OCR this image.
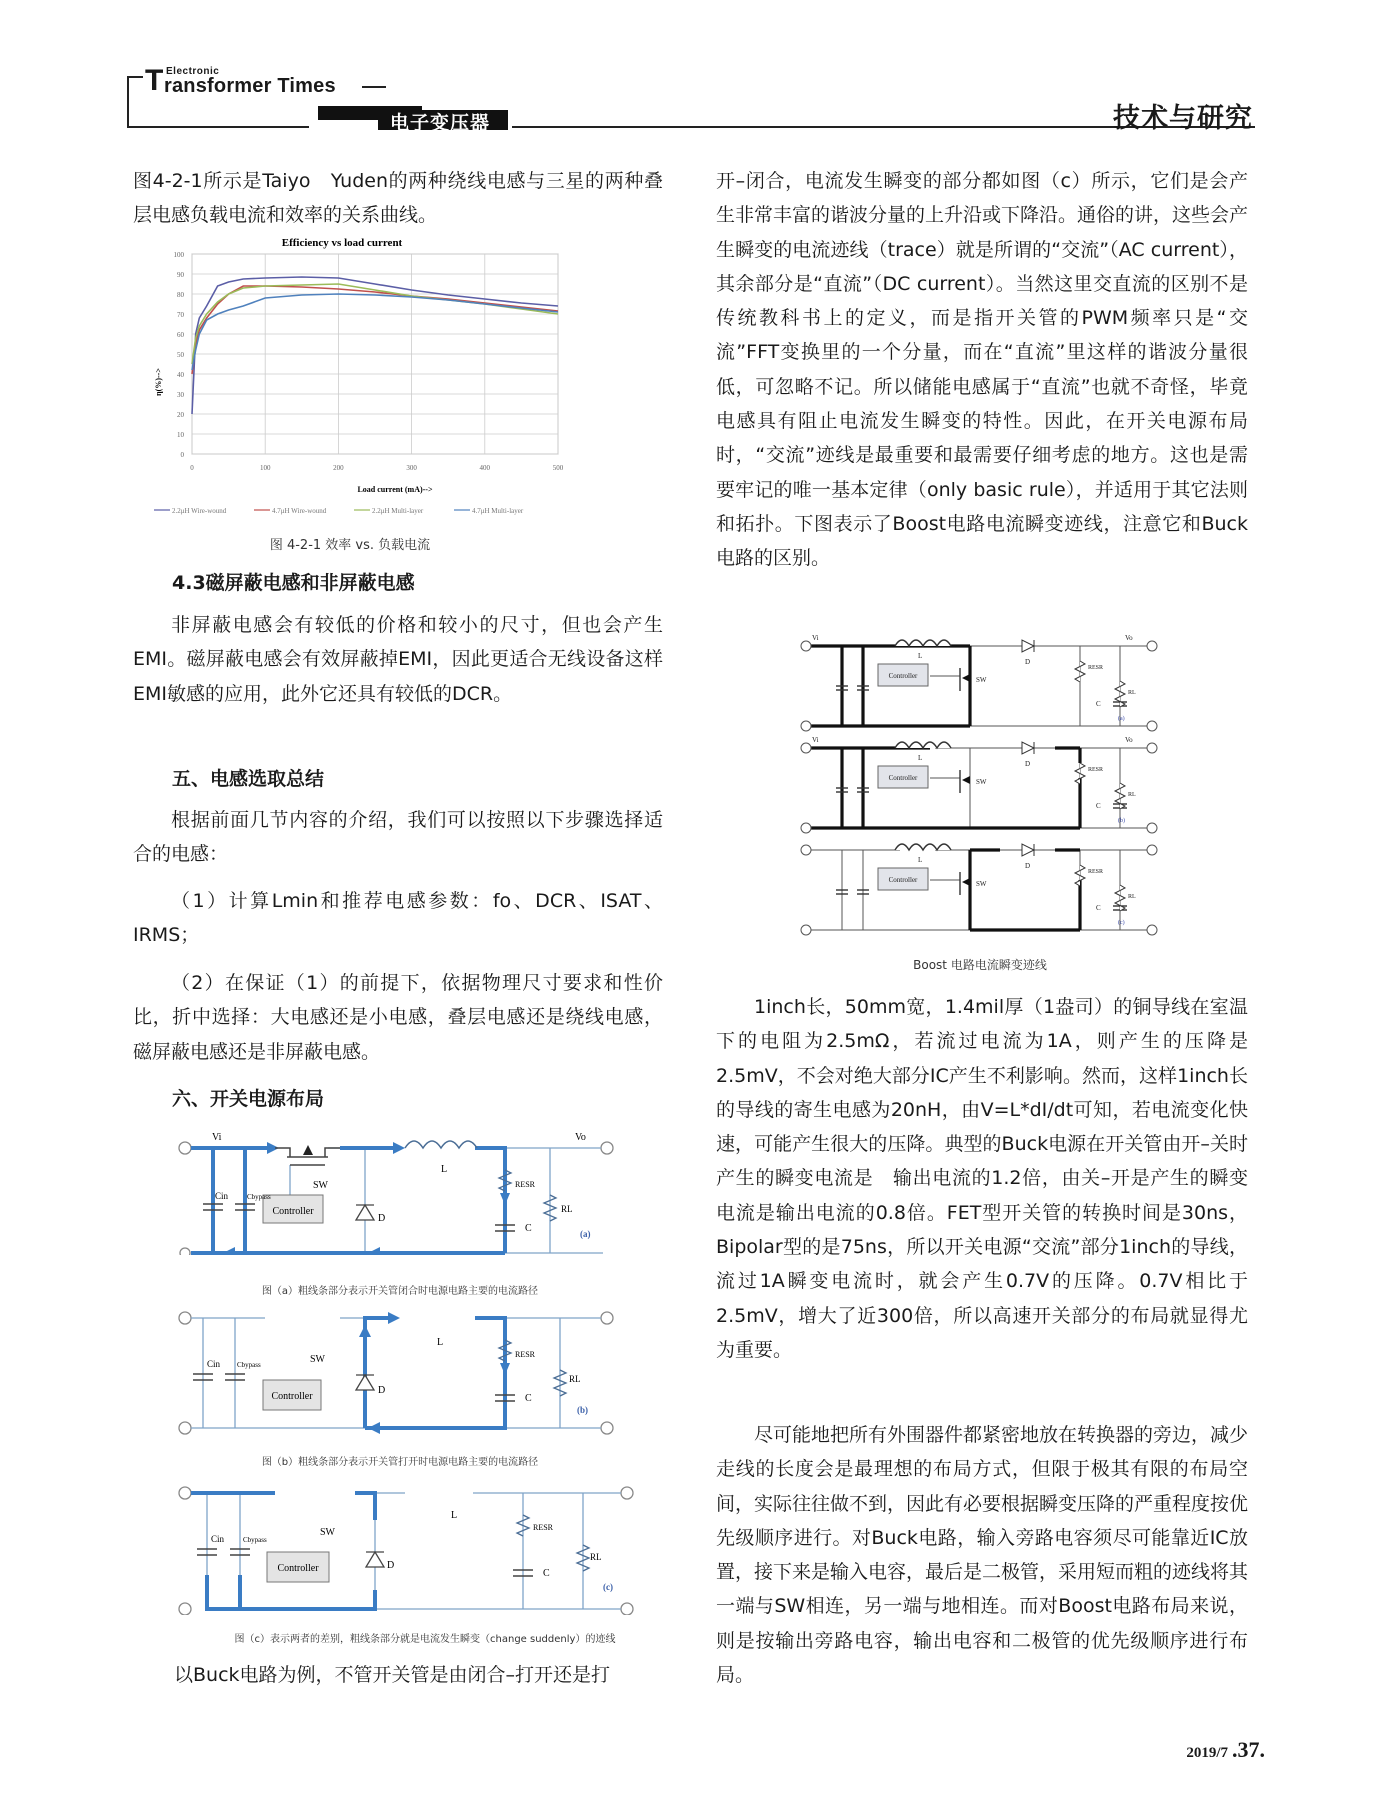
T Electronic
ransformer Times
电子变压器	技术与研究

图4-2-1所示是Taiyo　Yuden的两种绕线电感与三星的两种叠层电感负载电流和效率的关系曲线。

Efficiency vs load current
0
10
20
30
40
50
60
70
80
90
100
0	100	200	300	400	500
η(%)-->
Load current (mA)-->
2.2μH Wire-wound	4.7μH Wire-wound	2.2μH Multi-layer	4.7μH Multi-layer
图 4-2-1 效率 vs. 负载电流
4.3磁屏蔽电感和非屏蔽电感
非屏蔽电感会有较低的价格和较小的尺寸，但也会产生EMI。磁屏蔽电感会有效屏蔽掉EMI，因此更适合无线设备这样EMI敏感的应用，此外它还具有较低的DCR。
五、电感选取总结
根据前面几节内容的介绍，我们可以按照以下步骤选择适合的电感：
（1）计算Lmin和推荐电感参数：fo、DCR、ISAT、IRMS；
（2）在保证（1）的前提下，依据物理尺寸要求和性价比，折中选择：大电感还是小电感，叠层电感还是绕线电感，磁屏蔽电感还是非屏蔽电感。
六、开关电源布局
Controller
Vi	Vo
Cin	Cbypass
SW
D
L
RESR
C
RL
(a)
图（a）粗线条部分表示开关管闭合时电源电路主要的电流路径
Controller
Cin Cbypass	SW
D
L
RESR
C
RL
(b)
图（b）粗线条部分表示开关管打开时电源电路主要的电流路径
Controller
Cin	Cbypass
SW
D
L
RESR
C
RL
(c)
图（c）表示两者的差别，粗线条部分就是电流发生瞬变（change suddenly）的迹线
以Buck电路为例，不管开关管是由闭合–打开还是打
开–闭合，电流发生瞬变的部分都如图（c）所示，它们是会产生非常丰富的谐波分量的上升沿或下降沿。通俗的讲，这些会产生瞬变的电流迹线（trace）就是所谓的“交流”（AC current），其余部分是“直流”（DC current）。当然这里交直流的区别不是传统教科书上的定义，而是指开关管的PWM频率只是“交流”FFT变换里的一个分量，而在“直流”里这样的谐波分量很低，可忽略不记。所以储能电感属于“直流”也就不奇怪，毕竟电感具有阻止电流发生瞬变的特性。因此，在开关电源布局时，“交流”迹线是最重要和最需要仔细考虑的地方。这也是需要牢记的唯一基本定律（only basic rule），并适用于其它法则和拓扑。下图表示了Boost电路电流瞬变迹线，注意它和Buck电路的区别。
Controller
Vi	Vo
L
D
SW
RESR
C
RL
(a)
Controller
Vi	Vo
L
D
SW
RESR
C
RL
(b)
Controller
L
D
SW
RESR
C
RL
(c)
Boost 电路电流瞬变迹线
1inch长，50mm宽，1.4mil厚（1盎司）的铜导线在室温下的电阻为2.5mΩ，若流过电流为1A，则产生的压降是2.5mV，不会对绝大部分IC产生不利影响。然而，这样1inch长的导线的寄生电感为20nH，由V=L*dI/dt可知，若电流变化快速，可能产生很大的压降。典型的Buck电源在开关管由开–关时产生的瞬变电流是　输出电流的1.2倍，由关–开是产生的瞬变电流是输出电流的0.8倍。FET型开关管的转换时间是30ns，Bipolar型的是75ns，所以开关电源“交流”部分1inch的导线，流过1A瞬变电流时，就会产生0.7V的压降。0.7V相比于2.5mV，增大了近300倍，所以高速开关部分的布局就显得尤为重要。
尽可能地把所有外围器件都紧密地放在转换器的旁边，减少走线的长度会是最理想的布局方式，但限于极其有限的布局空间，实际往往做不到，因此有必要根据瞬变压降的严重程度按优先级顺序进行。对Buck电路，输入旁路电容须尽可能靠近IC放置，接下来是输入电容，最后是二极管，采用短而粗的迹线将其一端与SW相连，另一端与地相连。而对Boost电路布局来说，则是按输出旁路电容，输出电容和二极管的优先级顺序进行布局。
2019/7 .37.
